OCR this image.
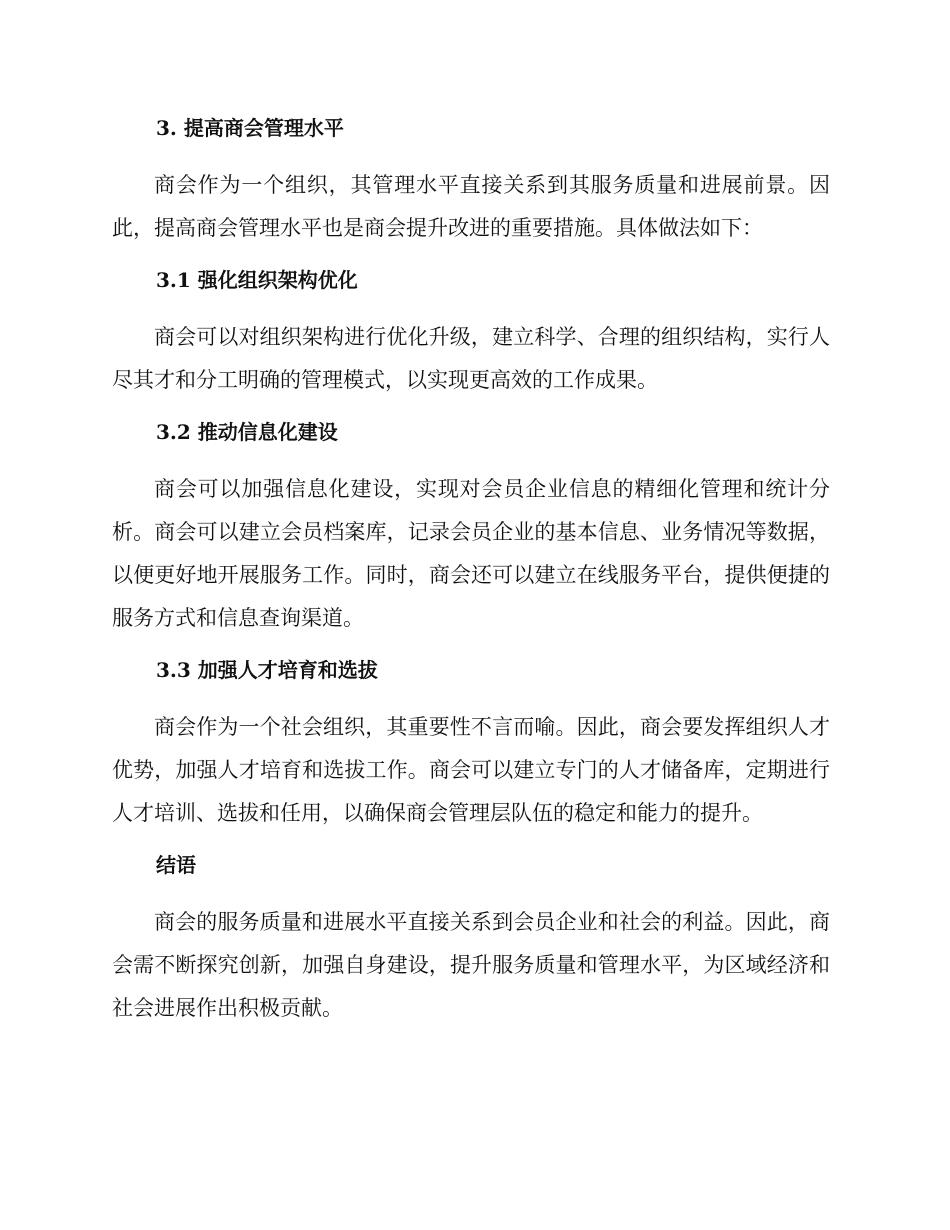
3. 提高商会管理水平

商会作为一个组织，其管理水平直接关系到其服务质量和进展前景。因此，提高商会管理水平也是商会提升改进的重要措施。具体做法如下：

3.1 强化组织架构优化

商会可以对组织架构进行优化升级，建立科学、合理的组织结构，实行人尽其才和分工明确的管理模式，以实现更高效的工作成果。

3.2 推动信息化建设

商会可以加强信息化建设，实现对会员企业信息的精细化管理和统计分析。商会可以建立会员档案库，记录会员企业的基本信息、业务情况等数据，以便更好地开展服务工作。同时，商会还可以建立在线服务平台，提供便捷的服务方式和信息查询渠道。

3.3 加强人才培育和选拔

商会作为一个社会组织，其重要性不言而喻。因此，商会要发挥组织人才优势，加强人才培育和选拔工作。商会可以建立专门的人才储备库，定期进行人才培训、选拔和任用，以确保商会管理层队伍的稳定和能力的提升。

结语

商会的服务质量和进展水平直接关系到会员企业和社会的利益。因此，商会需不断探究创新，加强自身建设，提升服务质量和管理水平，为区域经济和社会进展作出积极贡献。
